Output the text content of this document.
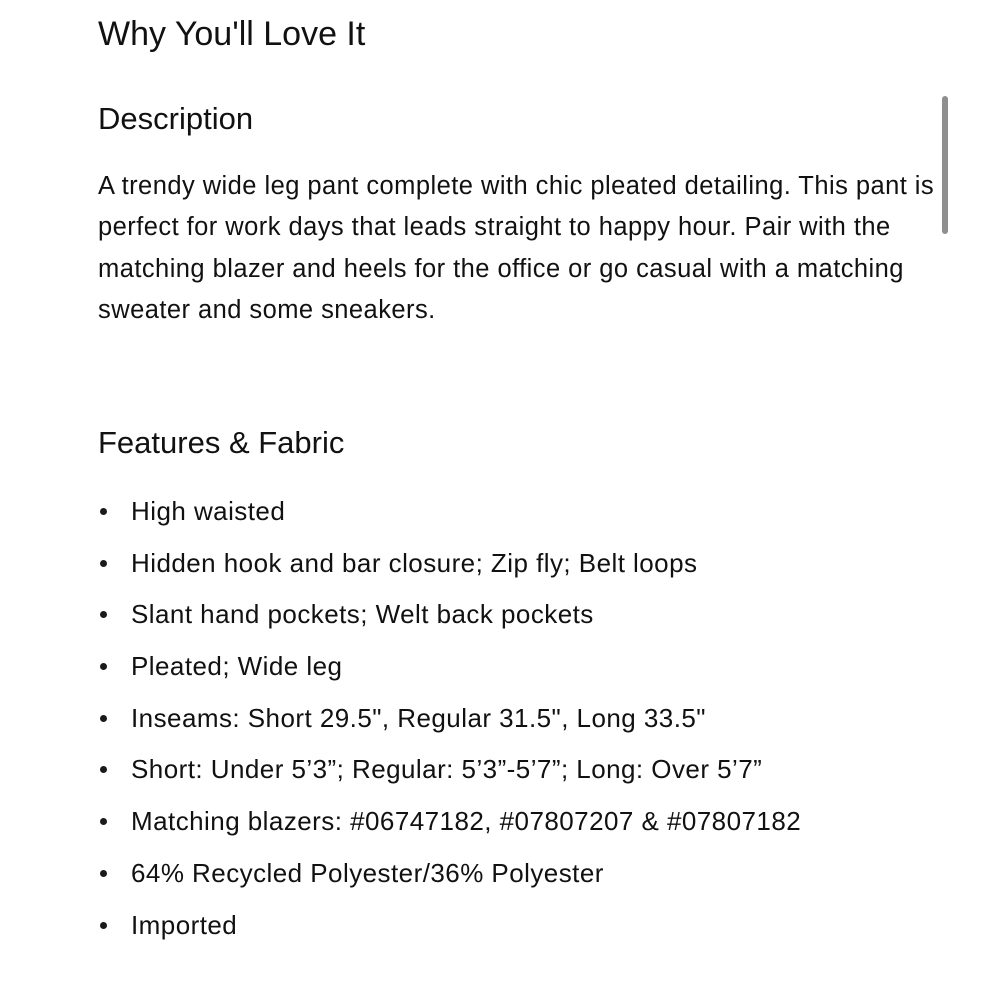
Why You'll Love It
Description

A trendy wide leg pant complete with chic pleated detailing. This pant is perfect for work days that leads straight to happy hour. Pair with the matching blazer and heels for the office or go casual with a matching sweater and some sneakers.

Features & Fabric
High waisted
Hidden hook and bar closure; Zip fly; Belt loops
Slant hand pockets; Welt back pockets
Pleated; Wide leg
Inseams: Short 29.5", Regular 31.5", Long 33.5"
Short: Under 5’3”; Regular: 5’3”-5’7”; Long: Over 5’7”
Matching blazers: #06747182, #07807207 & #07807182
64% Recycled Polyester/36% Polyester
Imported
